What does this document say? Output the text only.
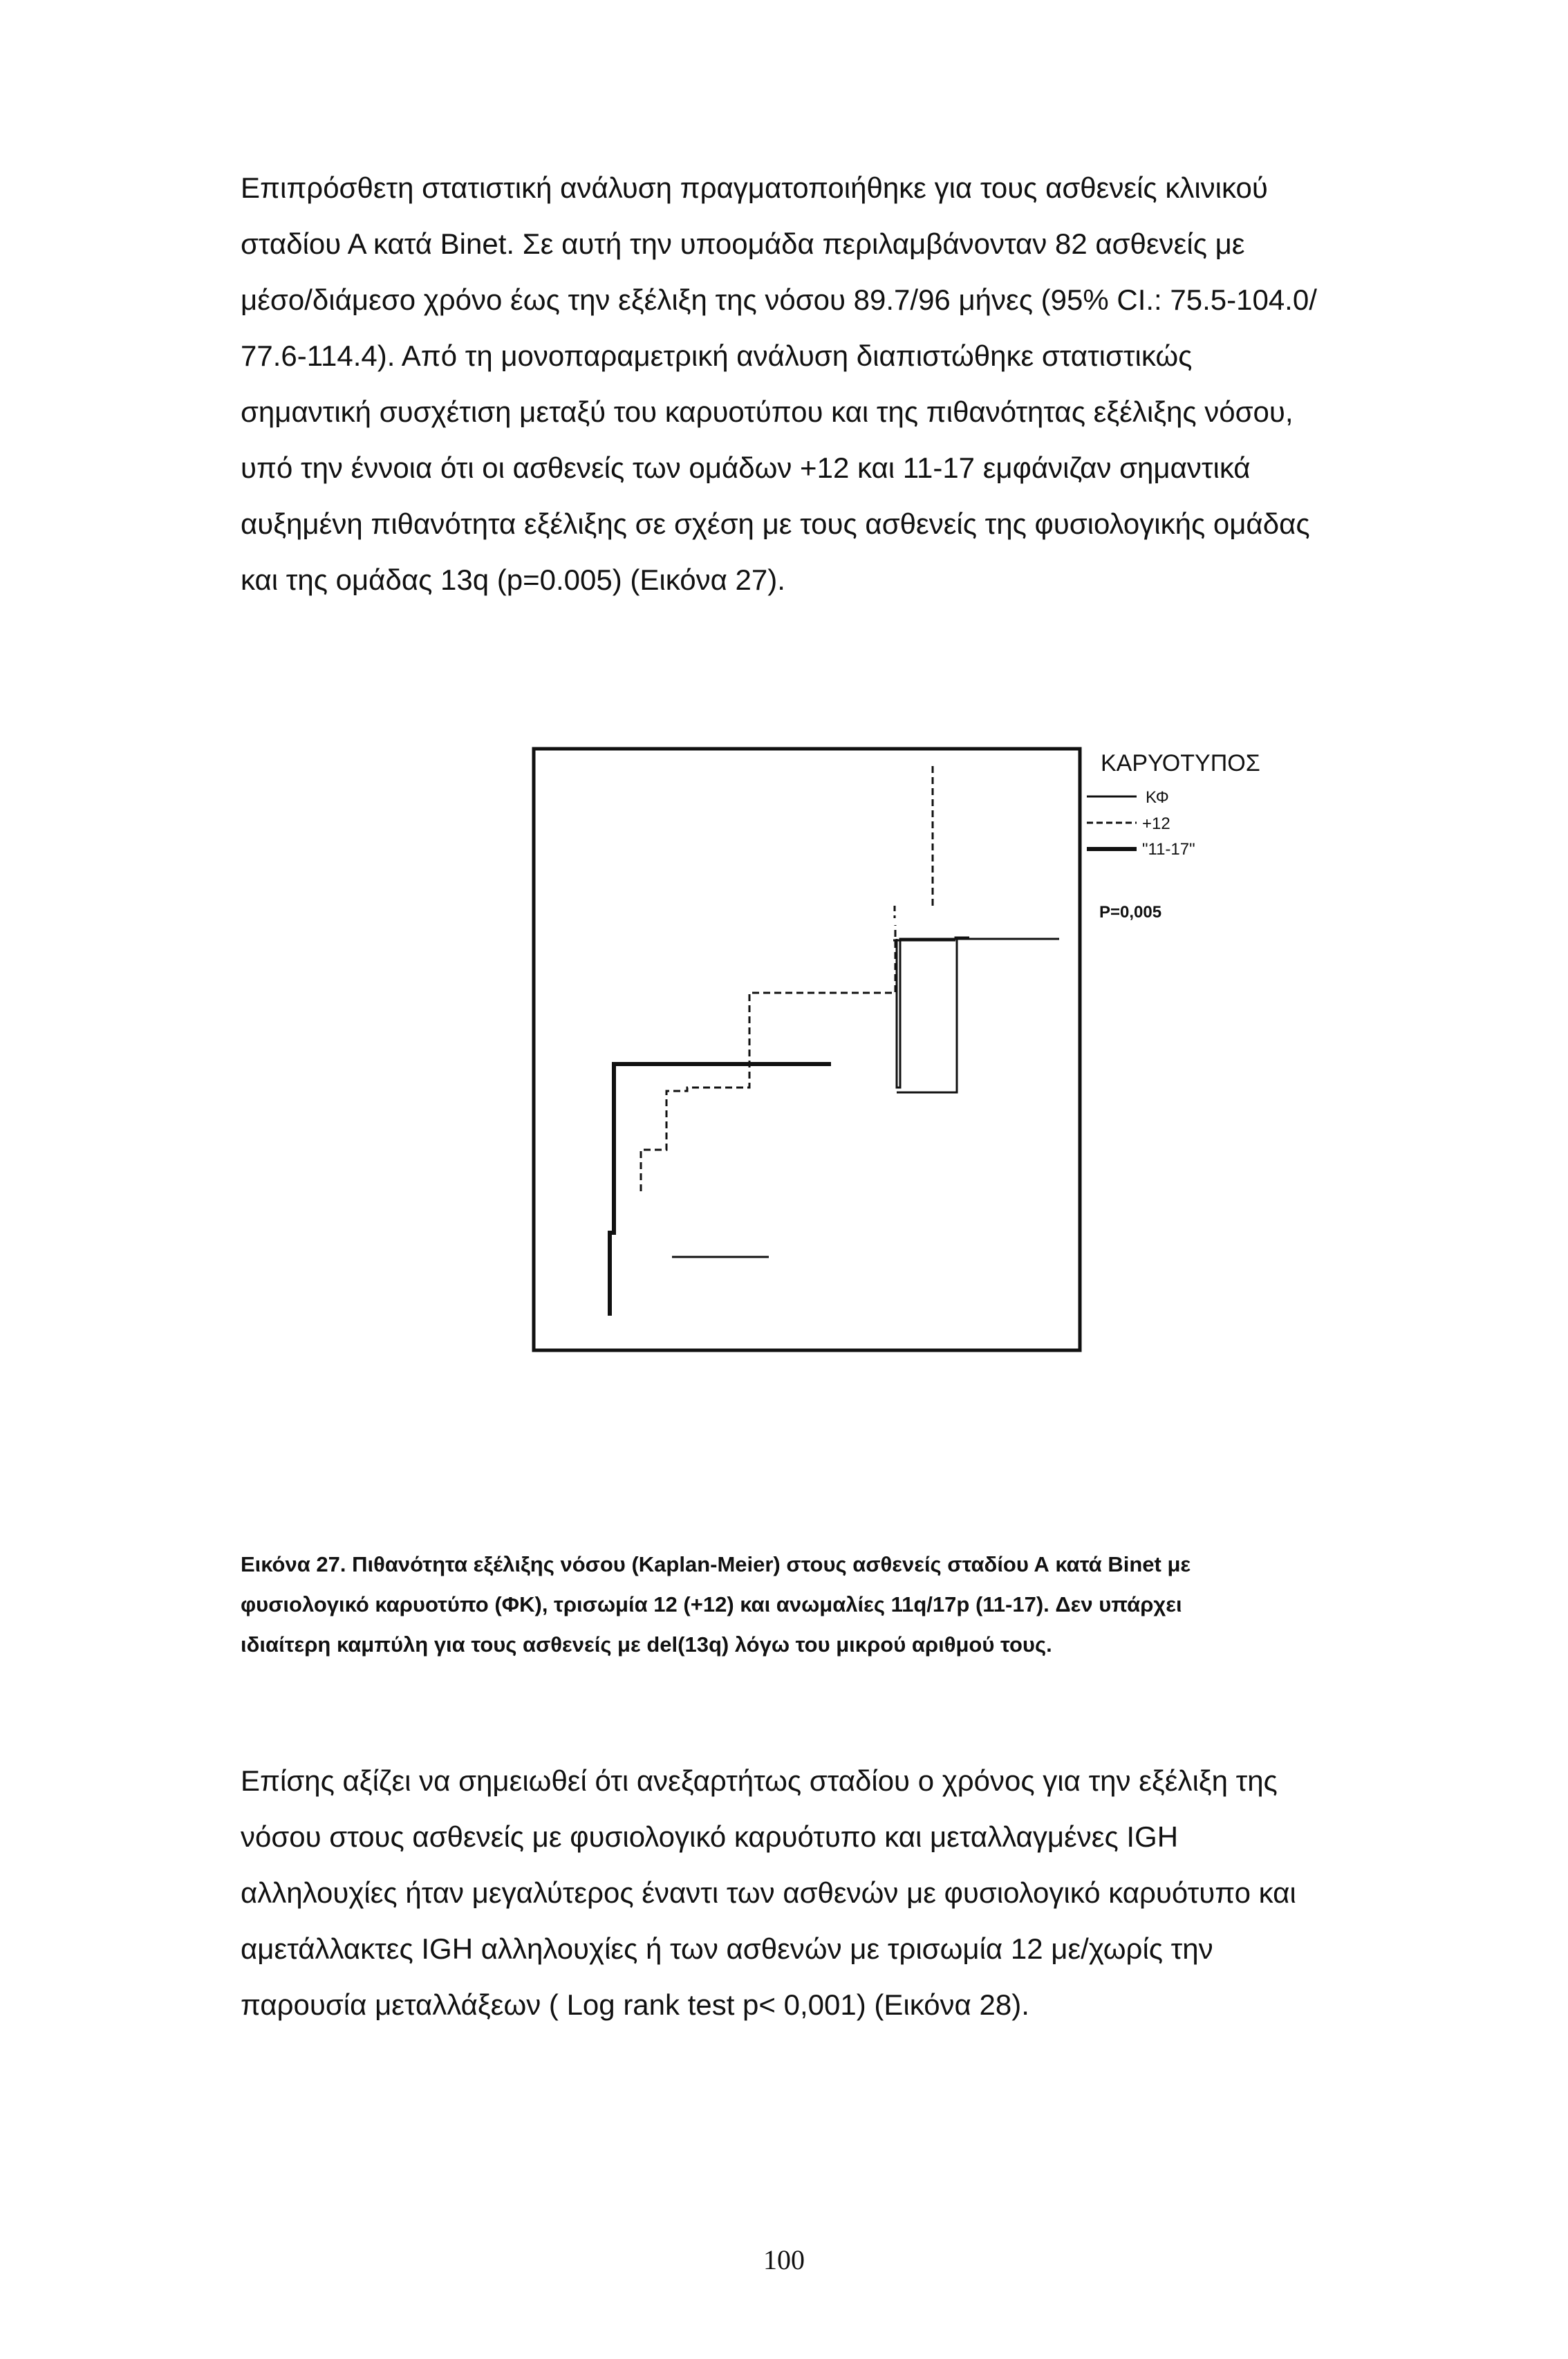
Επιπρόσθετη στατιστική ανάλυση πραγματοποιήθηκε για τους ασθενείς κλινικού
σταδίου Α κατά Binet. Σε αυτή την υποομάδα περιλαμβάνονταν 82 ασθενείς με
μέσο/διάμεσο χρόνο έως την εξέλιξη της νόσου 89.7/96 μήνες (95% CI.: 75.5-104.0/
77.6-114.4). Από τη μονοπαραμετρική ανάλυση διαπιστώθηκε στατιστικώς
σημαντική συσχέτιση μεταξύ του καρυοτύπου και της πιθανότητας εξέλιξης νόσου,
υπό την έννοια ότι οι ασθενείς των ομάδων +12 και 11-17 εμφάνιζαν σημαντικά
αυξημένη πιθανότητα εξέλιξης σε σχέση με τους ασθενείς της φυσιολογικής ομάδας
και της ομάδας 13q (p=0.005) (Εικόνα 27).
ΚΑΡΥΟΤΥΠΟΣ
ΚΦ
+12
"11-17"
P=0,005
Εικόνα 27. Πιθανότητα εξέλιξης νόσου (Kaplan-Meier) στους ασθενείς σταδίου Α κατά Binet με
φυσιολογικό καρυοτύπο (ΦΚ), τρισωμία 12 (+12) και ανωμαλίες 11q/17p (11-17). Δεν υπάρχει
ιδιαίτερη καμπύλη για τους ασθενείς με del(13q) λόγω του μικρού αριθμού τους.
Επίσης αξίζει να σημειωθεί ότι ανεξαρτήτως σταδίου ο χρόνος για την εξέλιξη της
νόσου στους ασθενείς με φυσιολογικό καρυότυπο και μεταλλαγμένες IGH
αλληλουχίες ήταν μεγαλύτερος έναντι των ασθενών με φυσιολογικό καρυότυπο και
αμετάλλακτες IGH αλληλουχίες ή των ασθενών με τρισωμία 12 με/χωρίς την
παρουσία μεταλλάξεων ( Log rank test p< 0,001) (Εικόνα 28).
100
